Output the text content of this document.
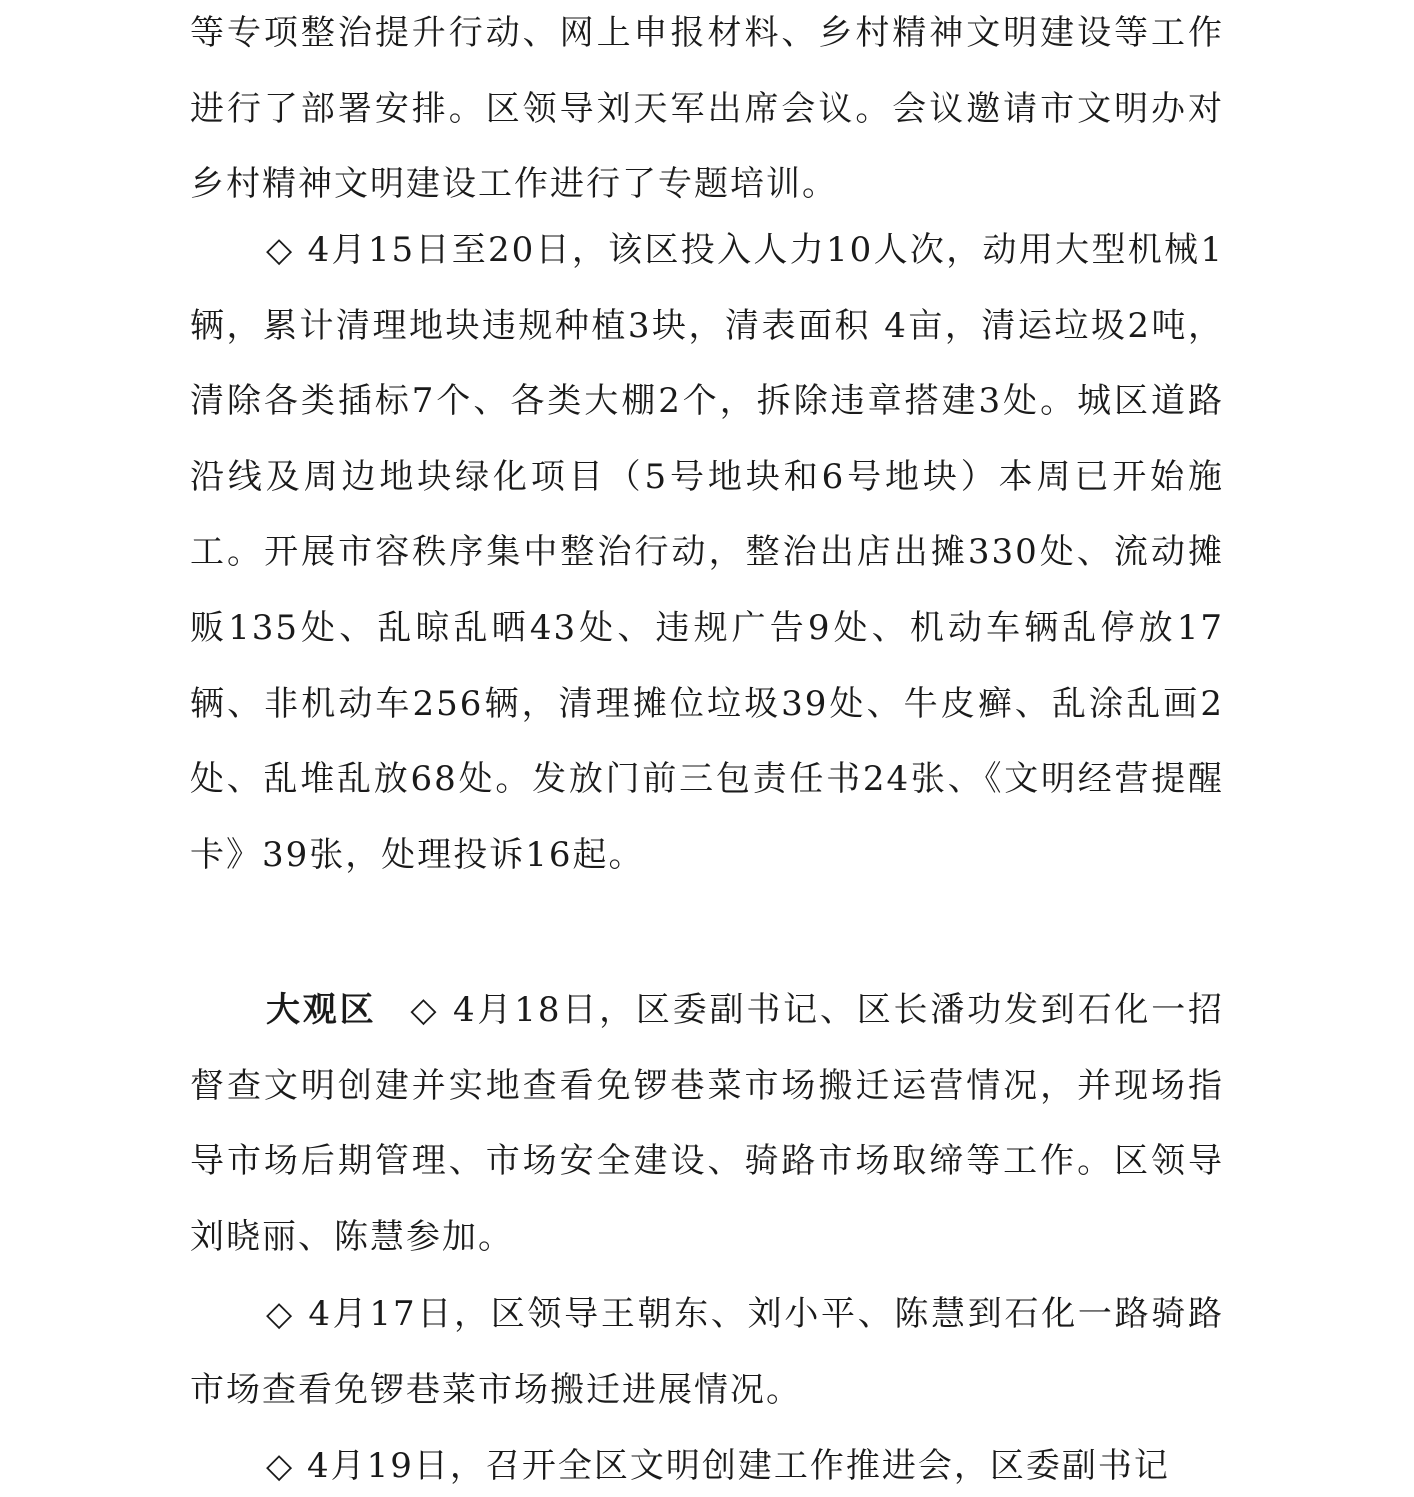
等专项整治提升行动、网上申报材料、乡村精神文明建设等工作进行了部署安排。区领导刘天军出席会议。会议邀请市文明办对乡村精神文明建设工作进行了专题培训。

◇ 4月15日至20日，该区投入人力10人次，动用大型机械1辆，累计清理地块违规种植3块，清表面积 4亩，清运垃圾2吨，清除各类插标7个、各类大棚2个，拆除违章搭建3处。城区道路沿线及周边地块绿化项目（5号地块和6号地块）本周已开始施工。开展市容秩序集中整治行动，整治出店出摊330处、流动摊贩135处、乱晾乱晒43处、违规广告9处、机动车辆乱停放17辆、非机动车256辆，清理摊位垃圾39处、牛皮癣、乱涂乱画2处、乱堆乱放68处。发放门前三包责任书24张、《文明经营提醒卡》39张，处理投诉16起。

大观区 ◇ 4月18日，区委副书记、区长潘功发到石化一招督查文明创建并实地查看免锣巷菜市场搬迁运营情况，并现场指导市场后期管理、市场安全建设、骑路市场取缔等工作。区领导刘晓丽、陈慧参加。

◇ 4月17日，区领导王朝东、刘小平、陈慧到石化一路骑路市场查看免锣巷菜市场搬迁进展情况。

◇ 4月19日，召开全区文明创建工作推进会，区委副书记
